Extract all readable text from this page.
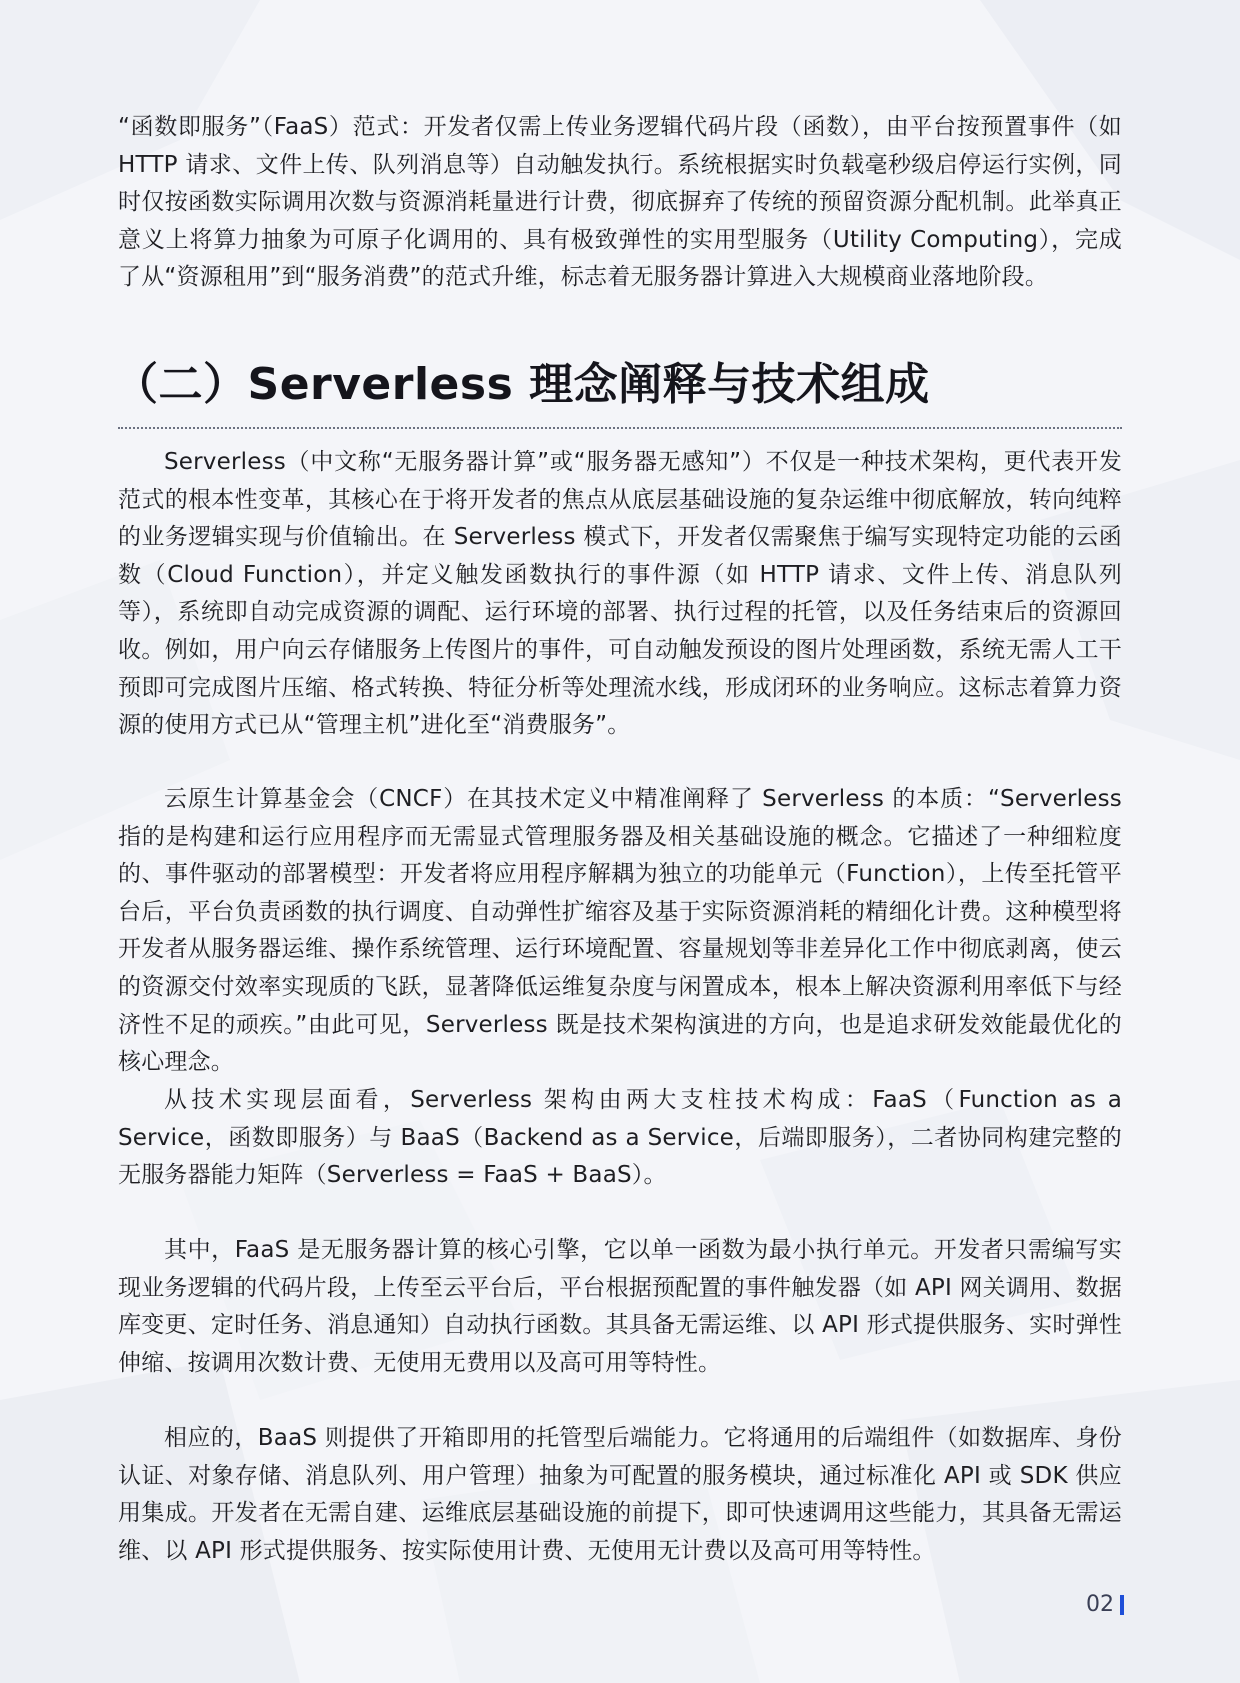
“函数即服务”（FaaS）范式：开发者仅需上传业务逻辑代码片段（函数），由平台按预置事件（如 HTTP 请求、文件上传、队列消息等）自动触发执行。系统根据实时负载毫秒级启停运行实例，同时仅按函数实际调用次数与资源消耗量进行计费，彻底摒弃了传统的预留资源分配机制。此举真正意义上将算力抽象为可原子化调用的、具有极致弹性的实用型服务（Utility Computing），完成了从“资源租用”到“服务消费”的范式升维，标志着无服务器计算进入大规模商业落地阶段。

（二）Serverless 理念阐释与技术组成

Serverless（中文称“无服务器计算”或“服务器无感知”）不仅是一种技术架构，更代表开发范式的根本性变革，其核心在于将开发者的焦点从底层基础设施的复杂运维中彻底解放，转向纯粹的业务逻辑实现与价值输出。在 Serverless 模式下，开发者仅需聚焦于编写实现特定功能的云函数（Cloud Function），并定义触发函数执行的事件源（如 HTTP 请求、文件上传、消息队列等），系统即自动完成资源的调配、运行环境的部署、执行过程的托管，以及任务结束后的资源回收。例如，用户向云存储服务上传图片的事件，可自动触发预设的图片处理函数，系统无需人工干预即可完成图片压缩、格式转换、特征分析等处理流水线，形成闭环的业务响应。这标志着算力资源的使用方式已从“管理主机”进化至“消费服务”。

云原生计算基金会（CNCF）在其技术定义中精准阐释了 Serverless 的本质：“Serverless 指的是构建和运行应用程序而无需显式管理服务器及相关基础设施的概念。它描述了一种细粒度的、事件驱动的部署模型：开发者将应用程序解耦为独立的功能单元（Function），上传至托管平台后，平台负责函数的执行调度、自动弹性扩缩容及基于实际资源消耗的精细化计费。这种模型将开发者从服务器运维、操作系统管理、运行环境配置、容量规划等非差异化工作中彻底剥离，使云的资源交付效率实现质的飞跃，显著降低运维复杂度与闲置成本，根本上解决资源利用率低下与经济性不足的顽疾。”由此可见，Serverless 既是技术架构演进的方向，也是追求研发效能最优化的核心理念。

从技术实现层面看，Serverless 架构由两大支柱技术构成：FaaS（Function as a Service，函数即服务）与 BaaS（Backend as a Service，后端即服务），二者协同构建完整的无服务器能力矩阵（Serverless = FaaS + BaaS）。

其中，FaaS 是无服务器计算的核心引擎，它以单一函数为最小执行单元。开发者只需编写实现业务逻辑的代码片段，上传至云平台后，平台根据预配置的事件触发器（如 API 网关调用、数据库变更、定时任务、消息通知）自动执行函数。其具备无需运维、以 API 形式提供服务、实时弹性伸缩、按调用次数计费、无使用无费用以及高可用等特性。

相应的，BaaS 则提供了开箱即用的托管型后端能力。它将通用的后端组件（如数据库、身份认证、对象存储、消息队列、用户管理）抽象为可配置的服务模块，通过标准化 API 或 SDK 供应用集成。开发者在无需自建、运维底层基础设施的前提下，即可快速调用这些能力，其具备无需运维、以 API 形式提供服务、按实际使用计费、无使用无计费以及高可用等特性。

02
